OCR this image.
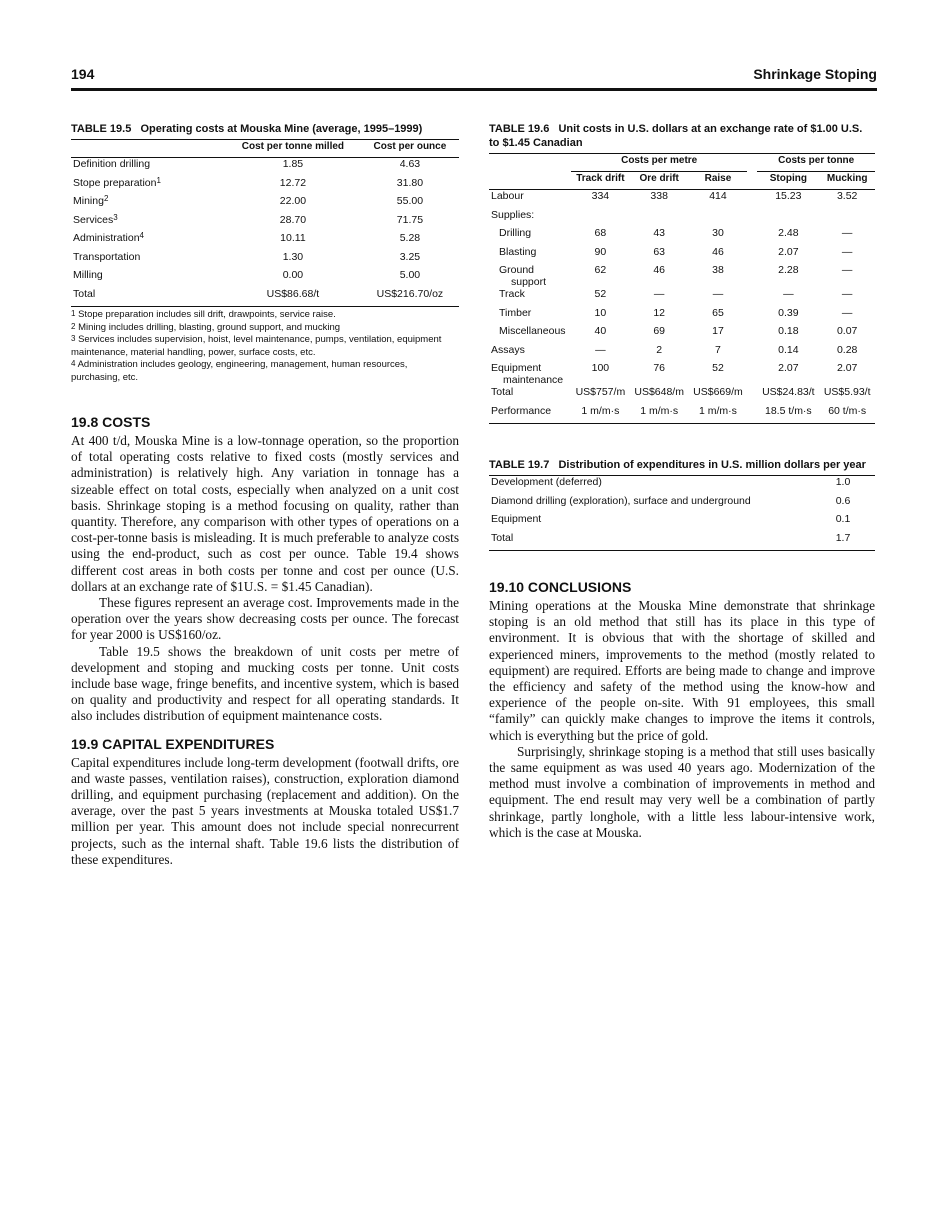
194	Shrinkage Stoping
TABLE 19.5 Operating costs at Mouska Mine (average, 1995–1999)
	Cost per tonne milled	Cost per ounce
Definition drilling	1.85	4.63
Stope preparation$^1$	12.72	31.80
Mining$^2$	22.00	55.00
Services$^3$	28.70	71.75
Administration$^4$	10.11	5.28
Transportation	1.30	3.25
Milling	0.00	5.00
Total	US$86.68/t	US$216.70/oz
$^1$ Stope preparation includes sill drift, drawpoints, service raise.
$^2$ Mining includes drilling, blasting, ground support, and mucking
$^3$ Services includes supervision, hoist, level maintenance, pumps, ventilation, equipment maintenance, material handling, power, surface costs, etc.
$^4$ Administration includes geology, engineering, management, human resources, purchasing, etc.
19.8 COSTS

At 400 t/d, Mouska Mine is a low-tonnage operation, so the proportion of total operating costs relative to fixed costs (mostly services and administration) is relatively high. Any variation in tonnage has a sizeable effect on total costs, especially when analyzed on a unit cost basis. Shrinkage stoping is a method focusing on quality, rather than quantity. Therefore, any comparison with other types of operations on a cost-per-tonne basis is misleading. It is much preferable to analyze costs using the end-product, such as cost per ounce. Table 19.4 shows different cost areas in both costs per tonne and cost per ounce (U.S. dollars at an exchange rate of $1U.S. = $1.45 Canadian).

These figures represent an average cost. Improvements made in the operation over the years show decreasing costs per ounce. The forecast for year 2000 is US$160/oz.

Table 19.5 shows the breakdown of unit costs per metre of development and stoping and mucking costs per tonne. Unit costs include base wage, fringe benefits, and incentive system, which is based on quality and productivity and respect for all operating standards. It also includes distribution of equipment maintenance costs.

19.9 CAPITAL EXPENDITURES

Capital expenditures include long-term development (footwall drifts, ore and waste passes, ventilation raises), construction, exploration diamond drilling, and equipment purchasing (replacement and addition). On the average, over the past 5 years investments at Mouska totaled US$1.7 million per year. This amount does not include special nonrecurrent projects, such as the internal shaft. Table 19.6 lists the distribution of these expenditures.

TABLE 19.6 Unit costs in U.S. dollars at an exchange rate of $1.00 U.S. to $1.45 Canadian
	Costs per metre				Costs per tonne	
	Track drift	Ore drift	Raise		Stoping	Mucking
Labour	334	338	414		15.23	3.52
Supplies:						
Drilling	68	43	30		2.48	—
Blasting	90	63	46		2.07	—
Ground
support	62	46	38		2.28	—
Track	52	—	—		—	—
Timber	10	12	65		0.39	—
Miscellaneous	40	69	17		0.18	0.07
Assays	—	2	7		0.14	0.28
Equipment
maintenance	100	76	52		2.07	2.07
Total	US$757/m	US$648/m	US$669/m		US$24.83/t	US$5.93/t
Performance	1 m/m·s	1 m/m·s	1 m/m·s		18.5 t/m·s	60 t/m·s
TABLE 19.7 Distribution of expenditures in U.S. million dollars per year
Development (deferred)	1.0
Diamond drilling (exploration), surface and underground	0.6
Equipment	0.1
Total	1.7
19.10 CONCLUSIONS

Mining operations at the Mouska Mine demonstrate that shrinkage stoping is an old method that still has its place in this type of environment. It is obvious that with the shortage of skilled and experienced miners, improvements to the method (mostly related to equipment) are required. Efforts are being made to change and improve the efficiency and safety of the method using the know-how and experience of the people on-site. With 91 employees, this small “family” can quickly make changes to improve the items it controls, which is everything but the price of gold.

Surprisingly, shrinkage stoping is a method that still uses basically the same equipment as was used 40 years ago. Modernization of the method must involve a combination of improvements in method and equipment. The end result may very well be a combination of partly shrinkage, partly longhole, with a little less labour-intensive work, which is the case at Mouska.
